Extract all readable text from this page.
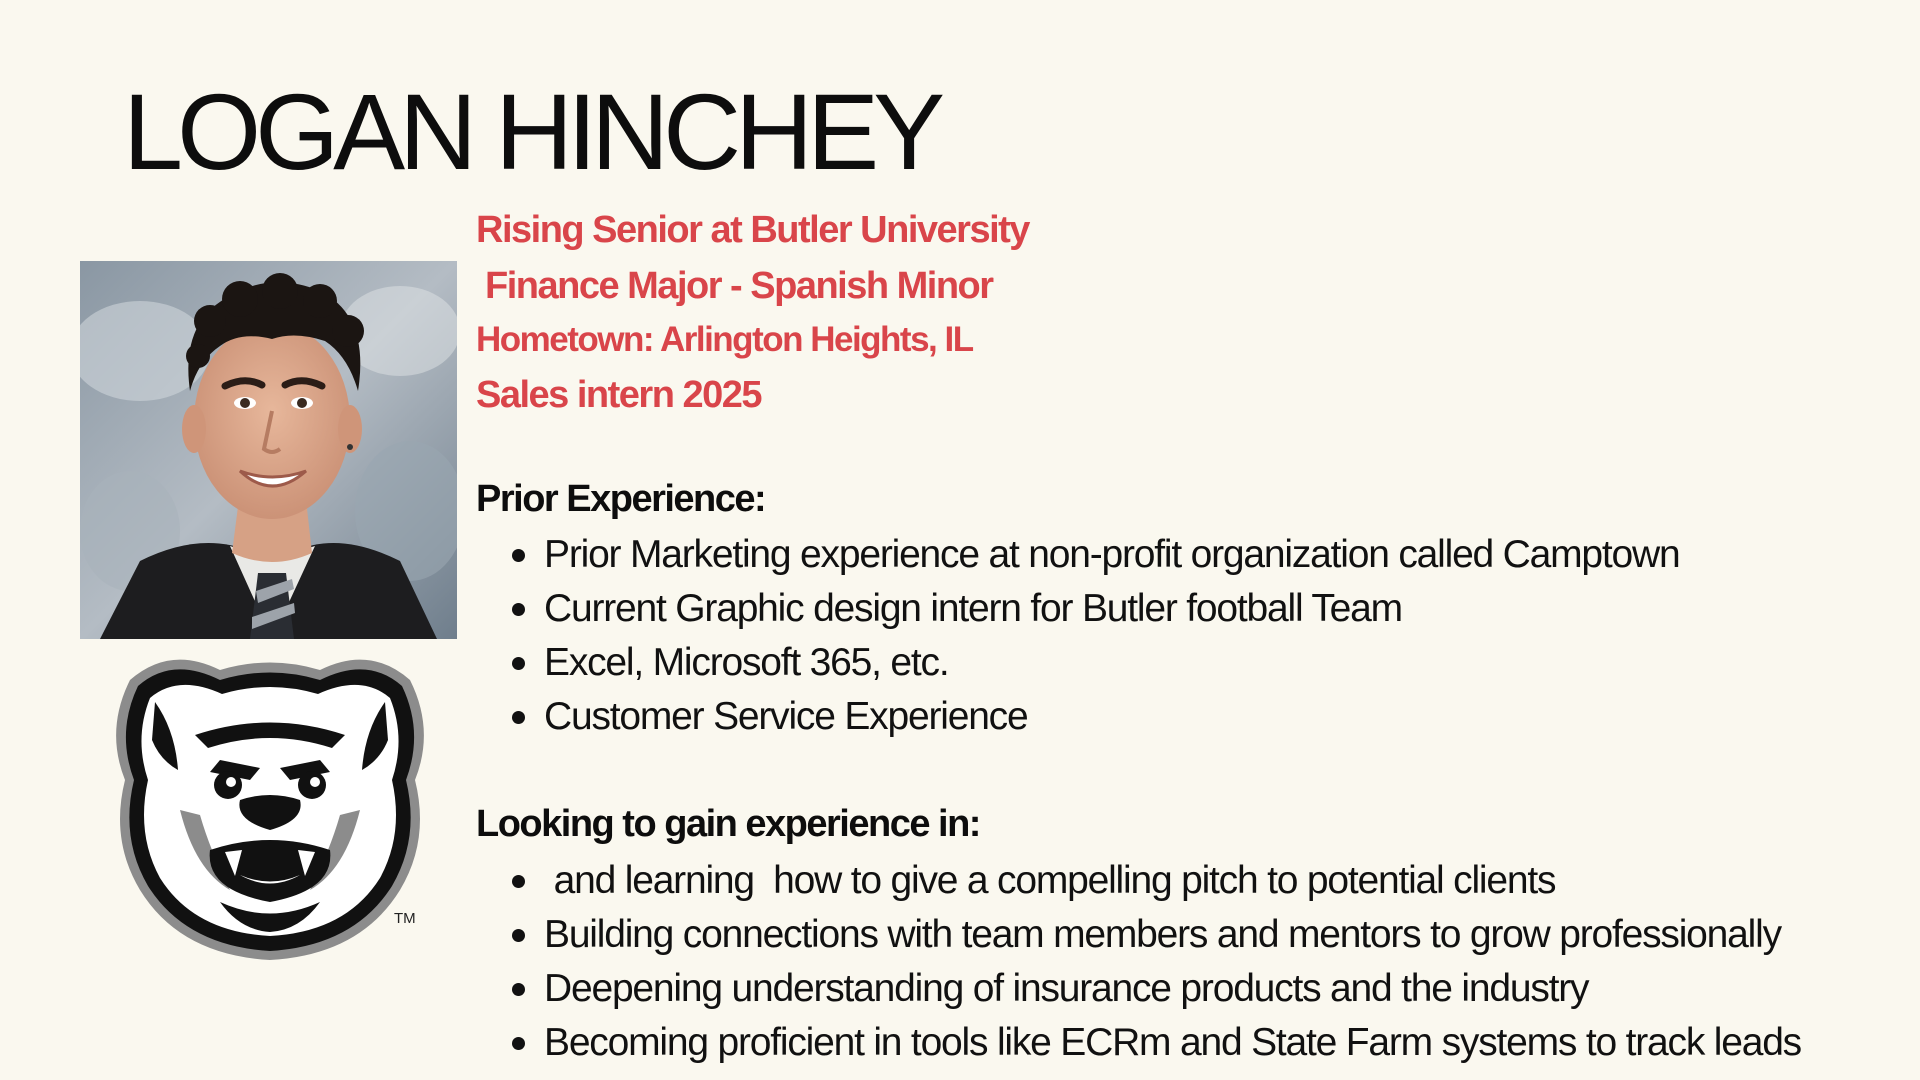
LOGAN HINCHEY
TM
Rising Senior at Butler University
Finance Major - Spanish Minor
Hometown: Arlington Heights, IL
Sales intern 2025
Prior Experience:
Prior Marketing experience at non-profit organization called Camptown
Current Graphic design intern for Butler football Team
Excel, Microsoft 365, etc.
Customer Service Experience
Looking to gain experience in:
and learning  how to give a compelling pitch to potential clients
Building connections with team members and mentors to grow professionally
Deepening understanding of insurance products and the industry
Becoming proficient in tools like ECRm and State Farm systems to track leads
